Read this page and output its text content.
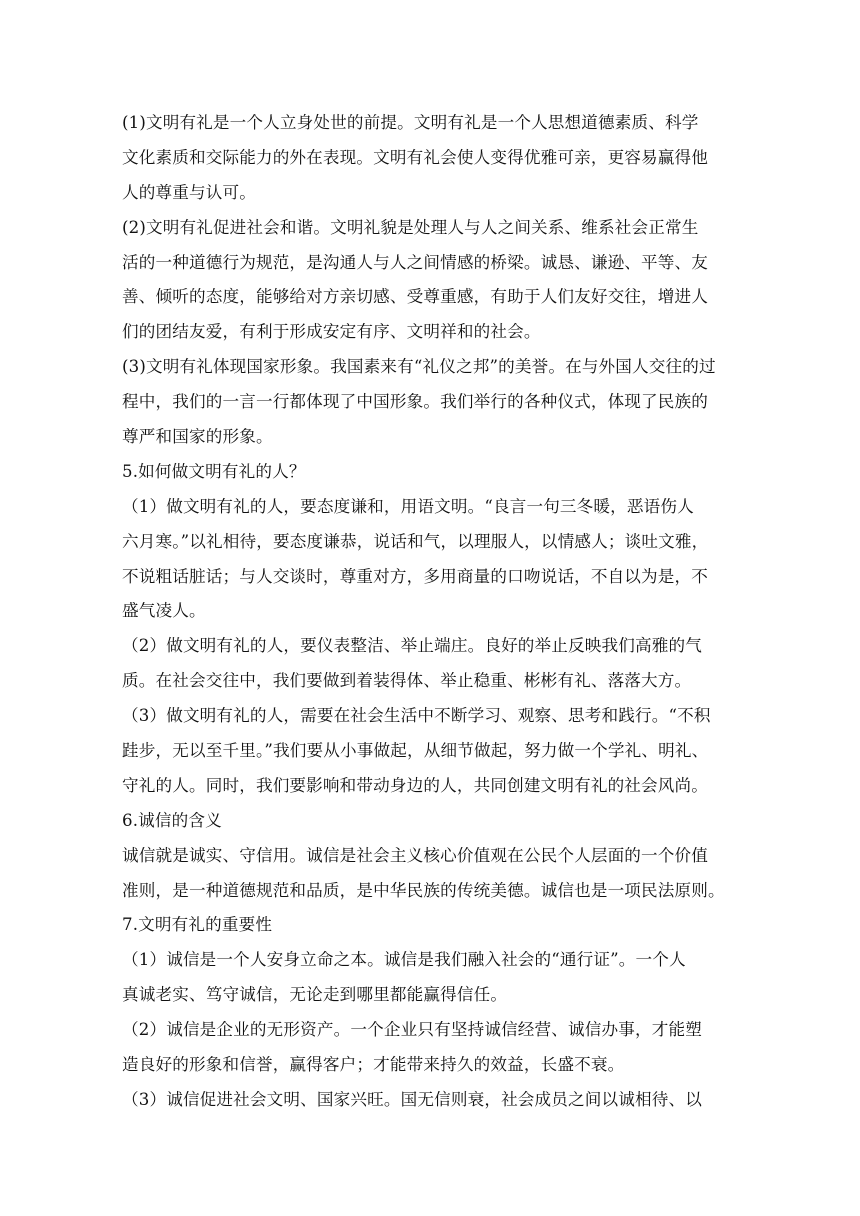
(1)文明有礼是一个人立身处世的前提。文明有礼是一个人思想道德素质、科学
文化素质和交际能力的外在表现。文明有礼会使人变得优雅可亲，更容易赢得他
人的尊重与认可。
(2)文明有礼促进社会和谐。文明礼貌是处理人与人之间关系、维系社会正常生
活的一种道德行为规范，是沟通人与人之间情感的桥梁。诚恳、谦逊、平等、友
善、倾听的态度，能够给对方亲切感、受尊重感，有助于人们友好交往，增进人
们的团结友爱，有利于形成安定有序、文明祥和的社会。
(3)文明有礼体现国家形象。我国素来有“礼仪之邦”的美誉。在与外国人交往的过
程中，我们的一言一行都体现了中国形象。我们举行的各种仪式，体现了民族的
尊严和国家的形象。
5.如何做文明有礼的人？
（1）做文明有礼的人，要态度谦和，用语文明。“良言一句三冬暖，恶语伤人
六月寒。”以礼相待，要态度谦恭，说话和气，以理服人，以情感人；谈吐文雅，
不说粗话脏话；与人交谈时，尊重对方，多用商量的口吻说话，不自以为是，不
盛气凌人。
（2）做文明有礼的人，要仪表整洁、举止端庄。良好的举止反映我们高雅的气
质。在社会交往中，我们要做到着装得体、举止稳重、彬彬有礼、落落大方。
（3）做文明有礼的人，需要在社会生活中不断学习、观察、思考和践行。“不积
跬步，无以至千里。”我们要从小事做起，从细节做起，努力做一个学礼、明礼、
守礼的人。同时，我们要影响和带动身边的人，共同创建文明有礼的社会风尚。
6.诚信的含义
诚信就是诚实、守信用。诚信是社会主义核心价值观在公民个人层面的一个价值
准则，是一种道德规范和品质，是中华民族的传统美德。诚信也是一项民法原则。
7.文明有礼的重要性
（1）诚信是一个人安身立命之本。诚信是我们融入社会的“通行证”。一个人
真诚老实、笃守诚信，无论走到哪里都能赢得信任。
（2）诚信是企业的无形资产。一个企业只有坚持诚信经营、诚信办事，才能塑
造良好的形象和信誉，赢得客户；才能带来持久的效益，长盛不衰。
（3）诚信促进社会文明、国家兴旺。国无信则衰，社会成员之间以诚相待、以
